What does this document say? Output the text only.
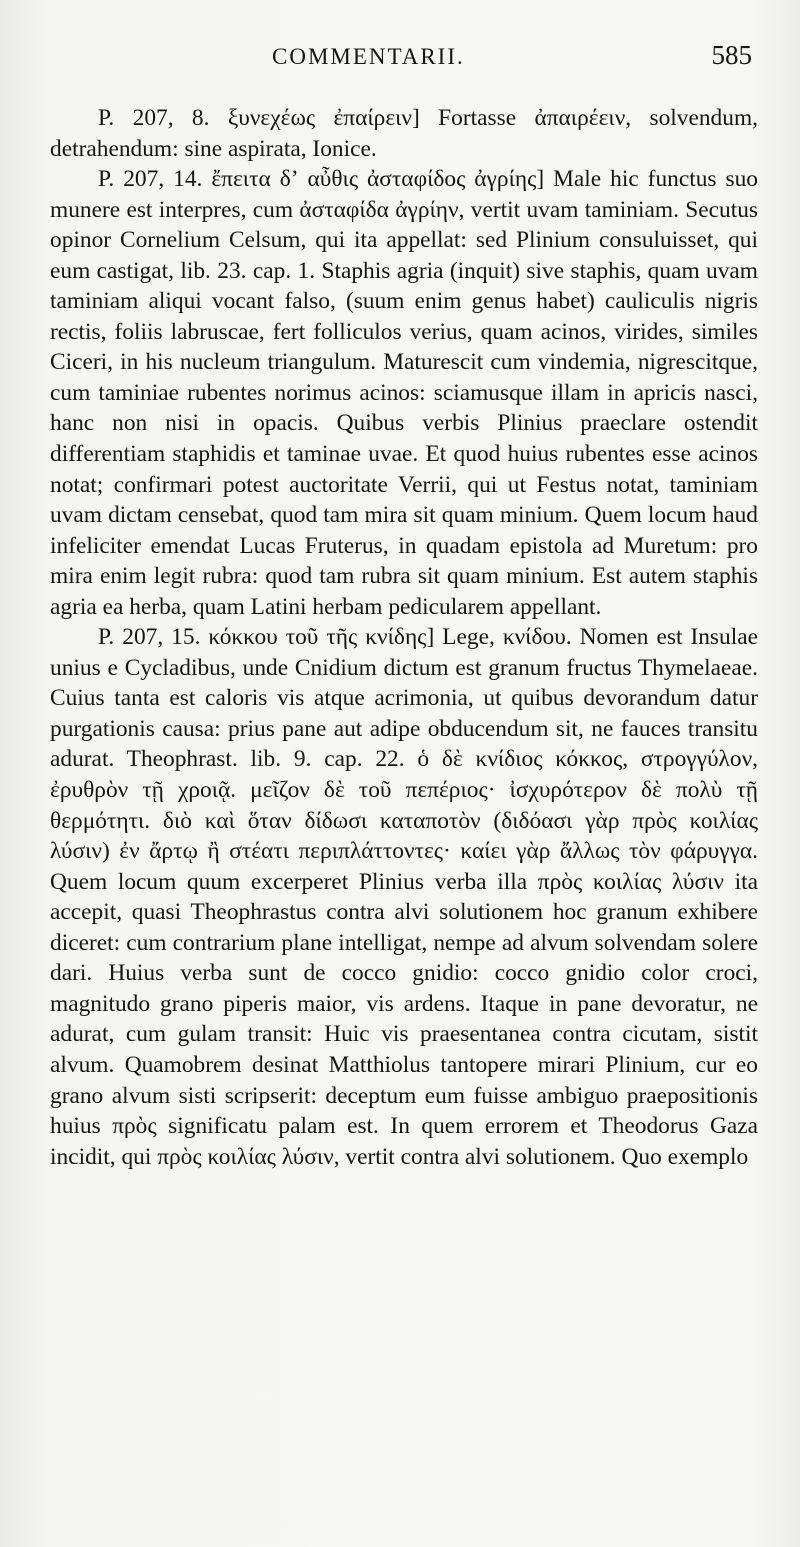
COMMENTARII.	585

P. 207, 8. ξυνεχέως ἐπαίρειν] Fortasse ἀπαιρέειν, solvendum, detrahendum: sine aspirata, Ionice.

P. 207, 14. ἔπειτα δʼ αὖθις ἀσταφίδος ἀγρίης] Male hic functus suo munere est interpres, cum ἀσταφίδα ἀγρίην, vertit uvam taminiam. Secutus opinor Cornelium Celsum, qui ita appellat: sed Plinium consuluisset, qui eum castigat, lib. 23. cap. 1. Staphis agria (inquit) sive staphis, quam uvam taminiam aliqui vocant falso, (suum enim genus habet) cauliculis nigris rectis, foliis labruscae, fert folliculos verius, quam acinos, virides, similes Ciceri, in his nucleum triangulum. Maturescit cum vindemia, nigrescitque, cum taminiae rubentes norimus acinos: sciamusque illam in apricis nasci, hanc non nisi in opacis. Quibus verbis Plinius praeclare ostendit differentiam staphidis et taminae uvae. Et quod huius rubentes esse acinos notat; confirmari potest auctoritate Verrii, qui ut Festus notat, taminiam uvam dictam censebat, quod tam mira sit quam minium. Quem locum haud infeliciter emendat Lucas Fruterus, in quadam epistola ad Muretum: pro mira enim legit rubra: quod tam rubra sit quam minium. Est autem staphis agria ea herba, quam Latini herbam pedicularem appellant.

P. 207, 15. κόκκου τοῦ τῆς κνίδης] Lege, κνίδου. Nomen est Insulae unius e Cycladibus, unde Cnidium dictum est granum fructus Thymelaeae. Cuius tanta est caloris vis atque acrimonia, ut quibus devorandum datur purgationis causa: prius pane aut adipe obducendum sit, ne fauces transitu adurat. Theophrast. lib. 9. cap. 22. ὁ δὲ κνίδιος κόκκος, στρογγύλον, ἐρυθρὸν τῇ χροιᾷ. μεῖζον δὲ τοῦ πεπέριος· ἰσχυρότερον δὲ πολὺ τῇ θερμότητι. διὸ καὶ ὅταν δίδωσι καταποτὸν (διδόασι γὰρ πρὸς κοιλίας λύσιν) ἐν ἄρτῳ ἢ στέατι περιπλάττοντες· καίει γὰρ ἄλλως τὸν φάρυγγα. Quem locum quum excerperet Plinius verba illa πρὸς κοιλίας λύσιν ita accepit, quasi Theophrastus contra alvi solutionem hoc granum exhibere diceret: cum contrarium plane intelligat, nempe ad alvum solvendam solere dari. Huius verba sunt de cocco gnidio: cocco gnidio color croci, magnitudo grano piperis maior, vis ardens. Itaque in pane devoratur, ne adurat, cum gulam transit: Huic vis praesentanea contra cicutam, sistit alvum. Quamobrem desinat Matthiolus tantopere mirari Plinium, cur eo grano alvum sisti scripserit: deceptum eum fuisse ambiguo praepositionis huius πρὸς significatu palam est. In quem errorem et Theodorus Gaza incidit, qui πρὸς κοιλίας λύσιν, vertit contra alvi solutionem. Quo exemplo
